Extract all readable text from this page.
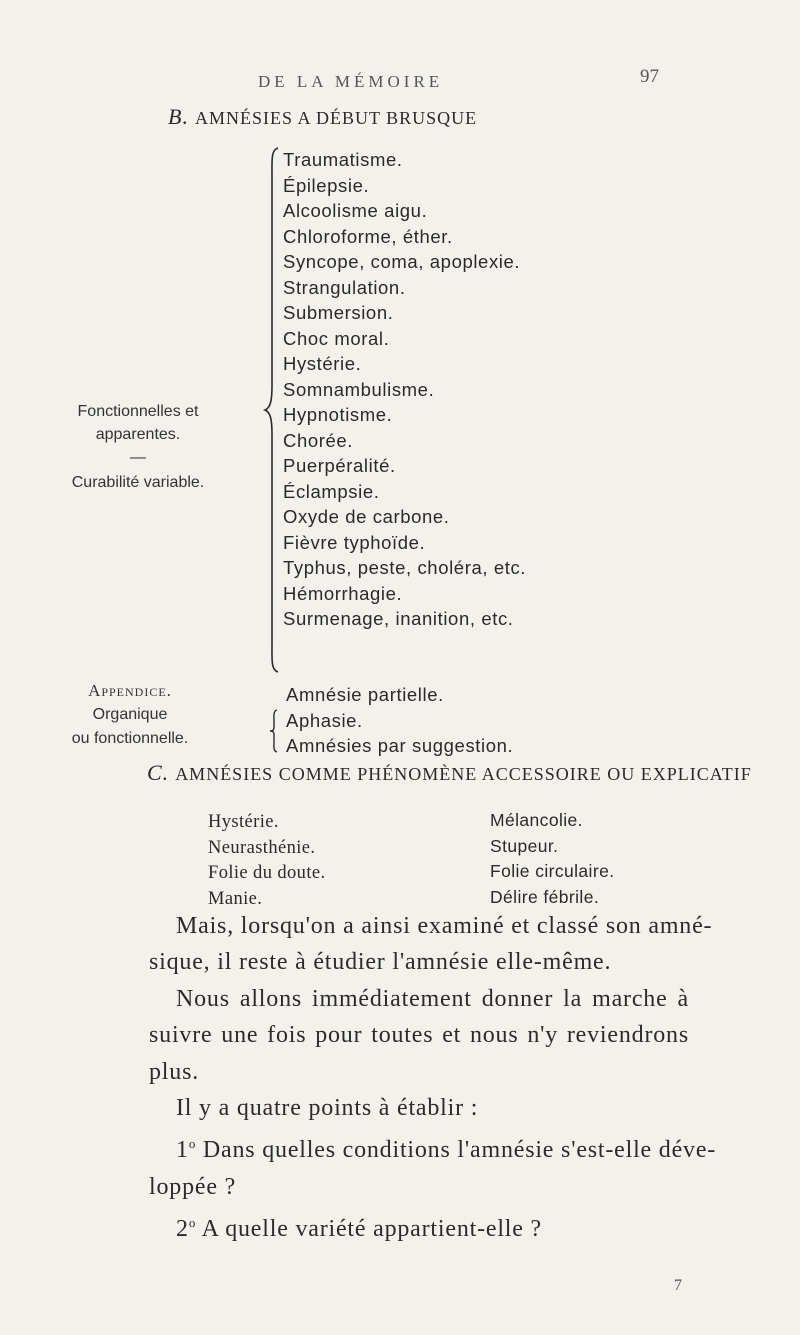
DE LA MÉMOIRE	97
B. AMNÉSIES A DÉBUT BRUSQUE
Fonctionnelles et
apparentes.
—
Curabilité variable.
Traumatisme.
Épilepsie.
Alcoolisme aigu.
Chloroforme, éther.
Syncope, coma, apoplexie.
Strangulation.
Submersion.
Choc moral.
Hystérie.
Somnambulisme.
Hypnotisme.
Chorée.
Puerpéralité.
Éclampsie.
Oxyde de carbone.
Fièvre typhoïde.
Typhus, peste, choléra, etc.
Hémorrhagie.
Surmenage, inanition, etc.
Appendice.
Organique
ou fonctionnelle.
Amnésie partielle.
Aphasie.
Amnésies par suggestion.
C. AMNÉSIES COMME PHÉNOMÈNE ACCESSOIRE OU EXPLICATIF
Hystérie.
Neurasthénie.
Folie du doute.
Manie.
Mélancolie.
Stupeur.
Folie circulaire.
Délire fébrile.
Mais, lorsqu'on a ainsi examiné et classé son amné-
sique, il reste à étudier l'amnésie elle-même.
Nous allons immédiatement donner la marche à
suivre une fois pour toutes et nous n'y reviendrons
plus.
Il y a quatre points à établir :
1$^o$ Dans quelles conditions l'amnésie s'est-elle déve-
loppée ?
2$^o$ A quelle variété appartient-elle ?
7
